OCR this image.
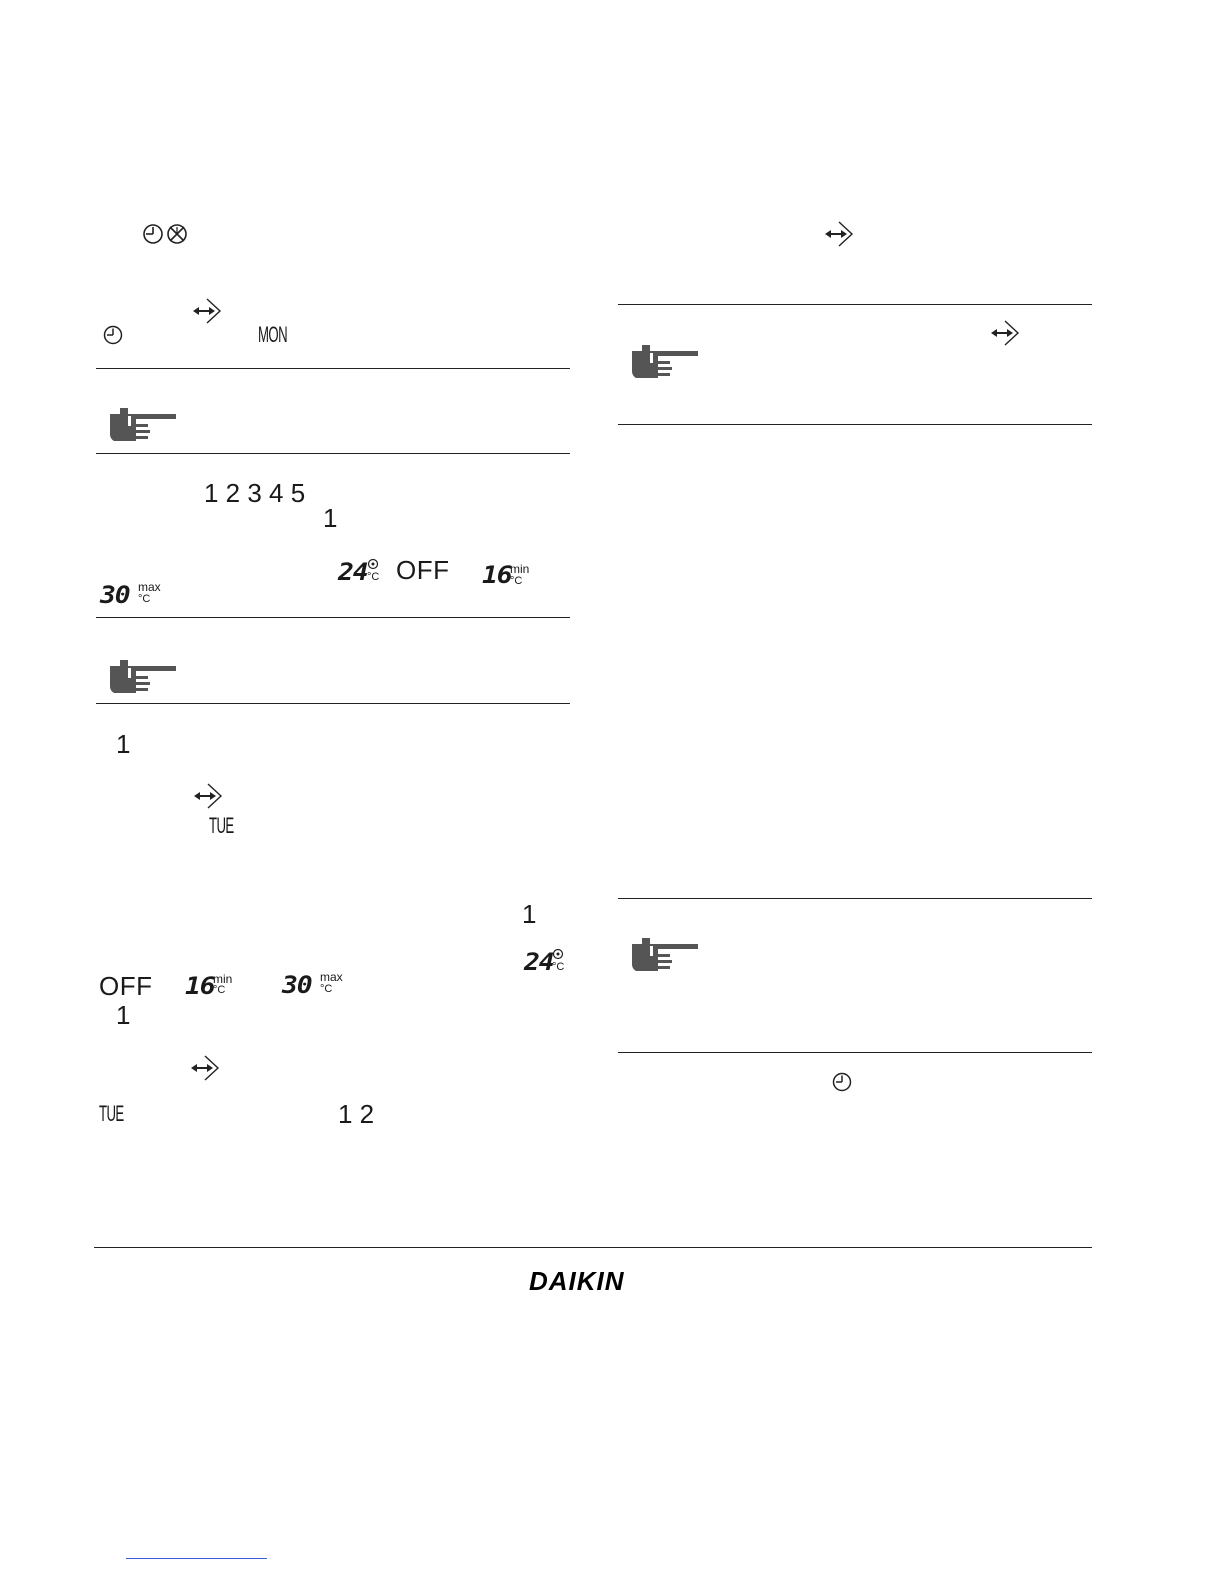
MON
1 2 3 4 5
1
24 °C OFF 16
min
°C
30 max
°C
1
TUE
1
24
°C
OFF 16
min
°C 30 max
°C
1
TUE	1 2
DAIKIN
